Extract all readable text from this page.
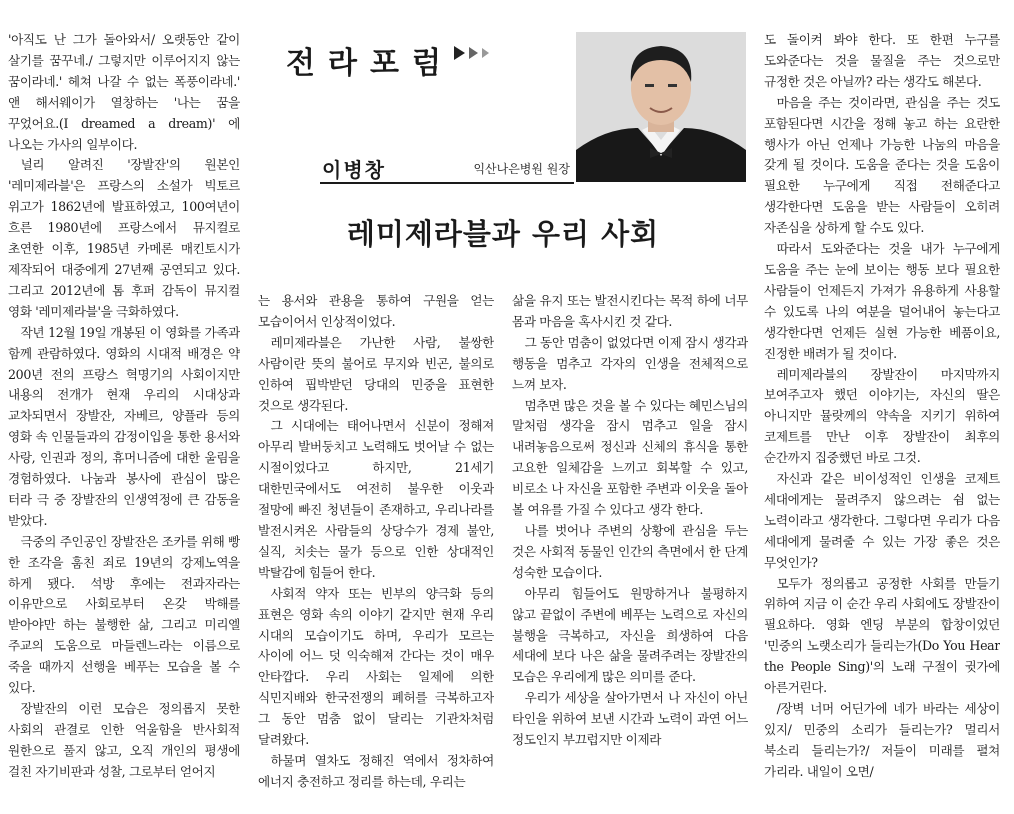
전라포럼
이병창	익산나은병원 원장
레미제라블과 우리 사회

'아직도 난 그가 돌아와서/ 오랫동안 같이 살기를 꿈꾸네./ 그렇지만 이루어지지 않는 꿈이라네.' 헤쳐 나갈 수 없는 폭풍이라네.' 앤 해서웨이가 열창하는 '나는 꿈을 꾸었어요.(I dreamed a dream)' 에 나오는 가사의 일부이다.

널리 알려진 '장발잔'의 원본인 '레미제라블'은 프랑스의 소설가 빅토르 위고가 1862년에 발표하였고, 100여년이 흐른 1980년에 프랑스에서 뮤지컬로 초연한 이후, 1985년 카메론 매킨토시가 제작되어 대중에게 27년째 공연되고 있다. 그리고 2012년에 톰 후퍼 감독이 뮤지컬 영화 '레미제라블'을 극화하였다.

작년 12월 19일 개봉된 이 영화를 가족과 함께 관람하였다. 영화의 시대적 배경은 약 200년 전의 프랑스 혁명기의 사회이지만 내용의 전개가 현재 우리의 시대상과 교차되면서 장발잔, 자베르, 양플라 등의 영화 속 인물들과의 감정이입을 통한 용서와 사랑, 인권과 정의, 휴머니즘에 대한 울림을 경험하였다. 나눔과 봉사에 관심이 많은 터라 극 중 장발잔의 인생역정에 큰 감동을 받았다.

극중의 주인공인 장발잔은 조카를 위해 빵 한 조각을 훔친 죄로 19년의 강제노역을 하게 됐다. 석방 후에는 전과자라는 이유만으로 사회로부터 온갖 박해를 받아야만 하는 불행한 삶, 그리고 미리엘 주교의 도움으로 마들렌느라는 이름으로 죽을 때까지 선행을 베푸는 모습을 볼 수 있다.

장발잔의 이런 모습은 정의롭지 못한 사회의 관결로 인한 억울함을 반사회적 원한으로 풀지 않고, 오직 개인의 평생에 걸친 자기비판과 성찰, 그로부터 얻어지

는 용서와 관용을 통하여 구원을 얻는 모습이어서 인상적이었다.

레미제라블은 가난한 사람, 불쌍한 사람이란 뜻의 불어로 무지와 빈곤, 불의로 인하여 핍박받던 당대의 민중을 표현한 것으로 생각된다.

그 시대에는 태어나면서 신분이 정해져 아무리 발버둥치고 노력해도 벗어날 수 없는 시절이었다고 하지만, 21세기 대한민국에서도 여전히 불우한 이웃과 절망에 빠진 청년들이 존재하고, 우리나라를 발전시켜온 사람들의 상당수가 경제 불안, 실직, 치솟는 물가 등으로 인한 상대적인 박탈감에 힘들어 한다.

사회적 약자 또는 빈부의 양극화 등의 표현은 영화 속의 이야기 같지만 현재 우리 시대의 모습이기도 하며, 우리가 모르는 사이에 어느 덧 익숙해져 간다는 것이 매우 안타깝다. 우리 사회는 일제에 의한 식민지배와 한국전쟁의 폐허를 극복하고자 그 동안 멈춤 없이 달리는 기관차처럼 달려왔다.

하물며 열차도 정해진 역에서 정차하여 에너지 충전하고 정리를 하는데, 우리는

삶을 유지 또는 발전시킨다는 목적 하에 너무 몸과 마음을 혹사시킨 것 같다.

그 동안 멈춤이 없었다면 이제 잠시 생각과 행동을 멈추고 각자의 인생을 전체적으로 느껴 보자.

멈추면 많은 것을 볼 수 있다는 혜민스님의 말처럼 생각을 잠시 멈추고 일을 잠시 내려놓음으로써 정신과 신체의 휴식을 통한 고요한 일체감을 느끼고 회복할 수 있고, 비로소 나 자신을 포함한 주변과 이웃을 돌아 볼 여유를 가질 수 있다고 생각 한다.

나를 벗어나 주변의 상황에 관심을 두는 것은 사회적 동물인 인간의 측면에서 한 단계 성숙한 모습이다.

아무리 힘들어도 원망하거나 불평하지 않고 끝없이 주변에 베푸는 노력으로 자신의 불행을 극복하고, 자신을 희생하여 다음 세대에 보다 나은 삶을 물려주려는 장발잔의 모습은 우리에게 많은 의미를 준다.

우리가 세상을 살아가면서 나 자신이 아닌 타인을 위하여 보낸 시간과 노력이 과연 어느 정도인지 부끄럽지만 이제라

도 돌이켜 봐야 한다. 또 한편 누구를 도와준다는 것을 물질을 주는 것으로만 규정한 것은 아닐까? 라는 생각도 해본다.

마음을 주는 것이라면, 관심을 주는 것도 포함된다면 시간을 정해 놓고 하는 요란한 행사가 아닌 언제나 가능한 나눔의 마음을 갖게 될 것이다. 도움을 준다는 것을 도움이 필요한 누구에게 직접 전해준다고 생각한다면 도움을 받는 사람들이 오히려 자존심을 상하게 할 수도 있다.

따라서 도와준다는 것을 내가 누구에게 도움을 주는 눈에 보이는 행동 보다 필요한 사람들이 언제든지 가져가 유용하게 사용할 수 있도록 나의 여분을 덜어내어 놓는다고 생각한다면 언제든 실현 가능한 베품이요, 진정한 배려가 될 것이다.

레미제라블의 장발잔이 마지막까지 보여주고자 했던 이야기는, 자신의 딸은 아니지만 뮬랏께의 약속을 지키기 위하여 코제트를 만난 이후 장발잔이 최후의 순간까지 집중했던 바로 그것.

자신과 같은 비이성적인 인생을 코제트 세대에게는 물려주지 않으려는 쉼 없는 노력이라고 생각한다. 그렇다면 우리가 다음 세대에게 물려줄 수 있는 가장 좋은 것은 무엇인가?

모두가 정의롭고 공정한 사회를 만들기 위하여 지금 이 순간 우리 사회에도 장발잔이 필요하다. 영화 엔딩 부분의 합창이었던 '민중의 노랫소리가 들리는가(Do You Hear the People Sing)'의 노래 구절이 귓가에 아른거린다.

/장벽 너머 어딘가에 네가 바라는 세상이 있지/ 민중의 소리가 들리는가? 멀리서 북소리 들리는가?/ 저들이 미래를 펼쳐 가리라. 내일이 오면/
